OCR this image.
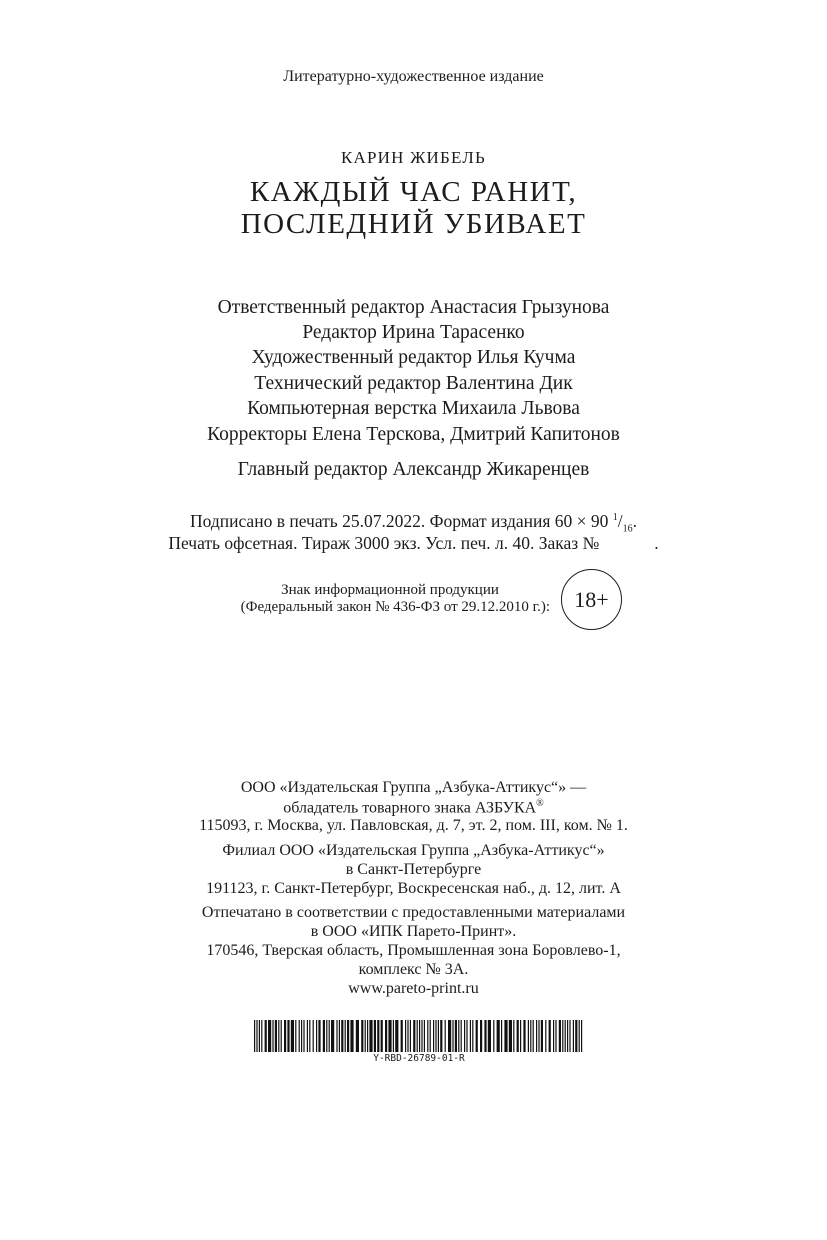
Литературно-художественное издание
КАРИН ЖИБЕЛЬ
КАЖДЫЙ ЧАС РАНИТ,
ПОСЛЕДНИЙ УБИВАЕТ
Ответственный редактор Анастасия Грызунова
Редактор Ирина Тарасенко
Художественный редактор Илья Кучма
Технический редактор Валентина Дик
Компьютерная верстка Михаила Львова
Корректоры Елена Терскова, Дмитрий Капитонов
Главный редактор Александр Жикаренцев
Подписано в печать 25.07.2022. Формат издания 60 × 90 $^1/_{16}$.
Печать офсетная. Тираж 3000 экз. Усл. печ. л. 40. Заказ №	.
Знак информационной продукции
(Федеральный закон № 436-ФЗ от 29.12.2010 г.):	18+
ООО «Издательская Группа „Азбука-Аттикус“» —
обладатель товарного знака АЗБУКА®
115093, г. Москва, ул. Павловская, д. 7, эт. 2, пом. III, ком. № 1.
Филиал ООО «Издательская Группа „Азбука-Аттикус“»
в Санкт-Петербурге
191123, г. Санкт-Петербург, Воскресенская наб., д. 12, лит. А
Отпечатано в соответствии с предоставленными материалами
в ООО «ИПК Парето-Принт».
170546, Тверская область, Промышленная зона Боровлево-1,
комплекс № 3А.
www.pareto-print.ru
Y-RBD-26789-01-R
